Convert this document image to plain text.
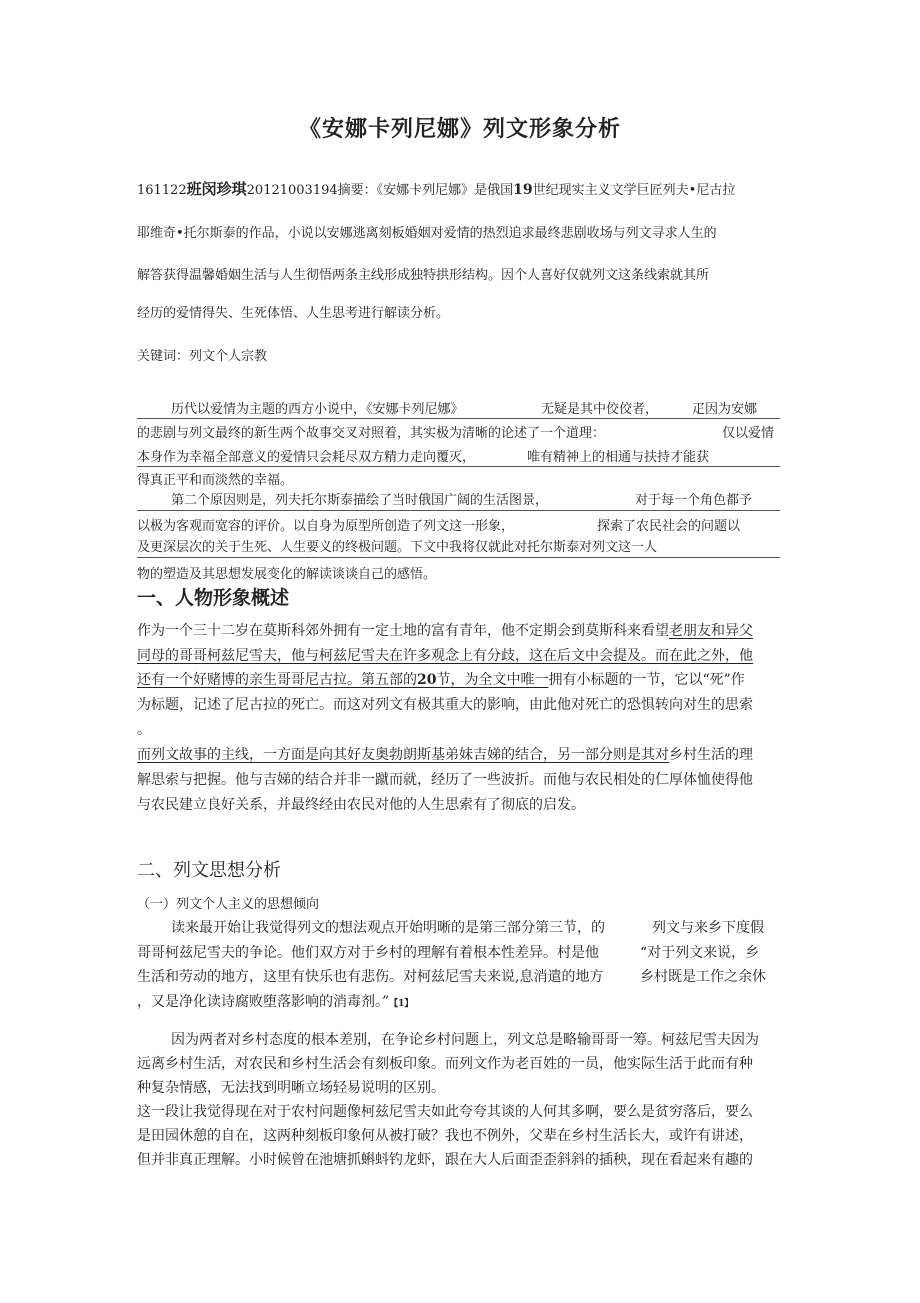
《安娜卡列尼娜》列文形象分析
161122班闵珍琪20121003194摘要：《安娜卡列尼娜》是俄国19世纪现实主义文学巨匠列夫•尼古拉
耶维奇•托尔斯泰的作品，小说以安娜逃离刻板婚姻对爱情的热烈追求最终悲剧收场与列文寻求人生的
解答获得温馨婚姻生活与人生彻悟两条主线形成独特拱形结构。因个人喜好仅就列文这条线索就其所
经历的爱情得失、生死体悟、人生思考进行解读分析。
关键词：列文个人宗教
历代以爱情为主题的西方小说中，《安娜卡列尼娜》	无疑是其中佼佼者，	疋因为安娜
的悲剧与列文最终的新生两个故事交叉对照着，其实极为清晰的论述了一个道理：	仅以爱情
本身作为幸福全部意义的爱情只会耗尽双方精力走向覆灭，	唯有精神上的相通与扶持才能获
得真正平和而淡然的幸福。
第二个原因则是，列夫托尔斯泰描绘了当时俄国广阔的生活图景，	对于每一个角色都予
以极为客观而宽容的评价。以自身为原型所创造了列文这一形象，	探索了农民社会的问题以
及更深层次的关于生死、人生要义的终极问题。下文中我将仅就此对托尔斯泰对列文这一人
物的塑造及其思想发展变化的解读谈谈自己的感悟。
一、人物形象概述
作为一个三十二岁在莫斯科郊外拥有一定土地的富有青年，他不定期会到莫斯科来看望老朋友和异父
同母的哥哥柯兹尼雪夫，他与柯兹尼雪夫在许多观念上有分歧，这在后文中会提及。而在此之外，他
还有一个好赌博的亲生哥哥尼古拉。第五部的20节，为全文中唯一拥有小标题的一节，它以“死”作
为标题，记述了尼古拉的死亡。而这对列文有极其重大的影响，由此他对死亡的恐惧转向对生的思索
。
而列文故事的主线，一方面是向其好友奥勃朗斯基弟妹吉娣的结合，另一部分则是其对乡村生活的理
解思索与把握。他与吉娣的结合并非一蹴而就，经历了一些波折。而他与农民相处的仁厚体恤使得他
与农民建立良好关系，并最终经由农民对他的人生思索有了彻底的启发。
二、列文思想分析
（一）列文个人主义的思想倾向
读来最开始让我觉得列文的想法观点开始明晰的是第三部分第三节，的	列文与来乡下度假
哥哥柯兹尼雪夫的争论。他们双方对于乡村的理解有着根本性差异。村是他	“对于列文来说，乡
生活和劳动的地方，这里有快乐也有悲伤。对柯兹尼雪夫来说,息消遣的地方	乡村既是工作之余休
，又是净化读诗腐败堕落影响的消毒剂。”【1】
因为两者对乡村态度的根本差别，在争论乡村问题上，列文总是略输哥哥一筹。柯兹尼雪夫因为
远离乡村生活，对农民和乡村生活会有刻板印象。而列文作为老百姓的一员，他实际生活于此而有种
种复杂情感，无法找到明晰立场轻易说明的区别。
这一段让我觉得现在对于农村问题像柯兹尼雪夫如此夸夸其谈的人何其多啊，要么是贫穷落后，要么
是田园休憩的自在，这两种刻板印象何从被打破？我也不例外，父辈在乡村生活长大，或许有讲述，
但并非真正理解。小时候曾在池塘抓蝌蚪钓龙虾，跟在大人后面歪歪斜斜的插秧，现在看起来有趣的
